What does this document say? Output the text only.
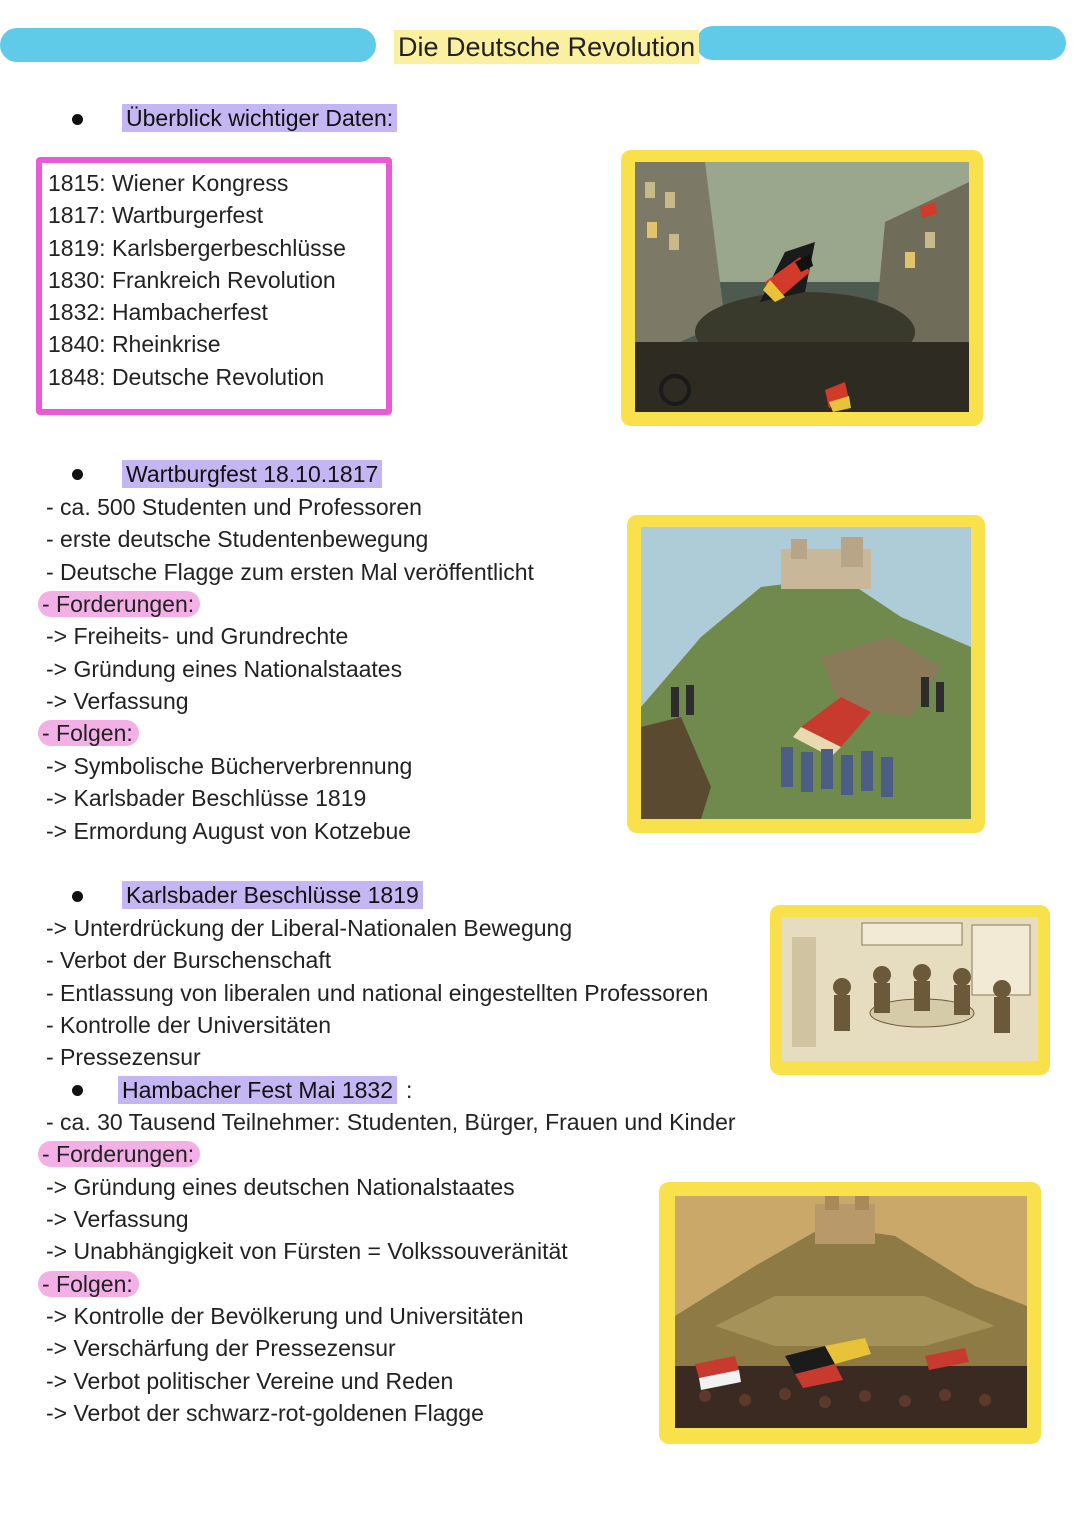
Die Deutsche Revolution
Überblick wichtiger Daten:
1815: Wiener Kongress
1817: Wartburgerfest
1819: Karlsbergerbeschlüsse
1830: Frankreich Revolution
1832: Hambacherfest
1840: Rheinkrise
1848: Deutsche Revolution
Wartburgfest 18.10.1817
- ca. 500 Studenten und Professoren
- erste deutsche Studentenbewegung
- Deutsche Flagge zum ersten Mal veröffentlicht
- Forderungen:
-> Freiheits- und Grundrechte
-> Gründung eines Nationalstaates
-> Verfassung
- Folgen:
-> Symbolische Bücherverbrennung
-> Karlsbader Beschlüsse 1819
-> Ermordung August von Kotzebue
Karlsbader Beschlüsse 1819
-> Unterdrückung der Liberal-Nationalen Bewegung
- Verbot der Burschenschaft
- Entlassung von liberalen und national eingestellten Professoren
- Kontrolle der Universitäten
- Pressezensur
Hambacher Fest Mai 1832 :
- ca. 30 Tausend Teilnehmer: Studenten, Bürger, Frauen und Kinder
- Forderungen:
-> Gründung eines deutschen Nationalstaates
-> Verfassung
-> Unabhängigkeit von Fürsten = Volkssouveränität
- Folgen:
-> Kontrolle der Bevölkerung und Universitäten
-> Verschärfung der Pressezensur
-> Verbot politischer Vereine und Reden
-> Verbot der schwarz-rot-goldenen Flagge
